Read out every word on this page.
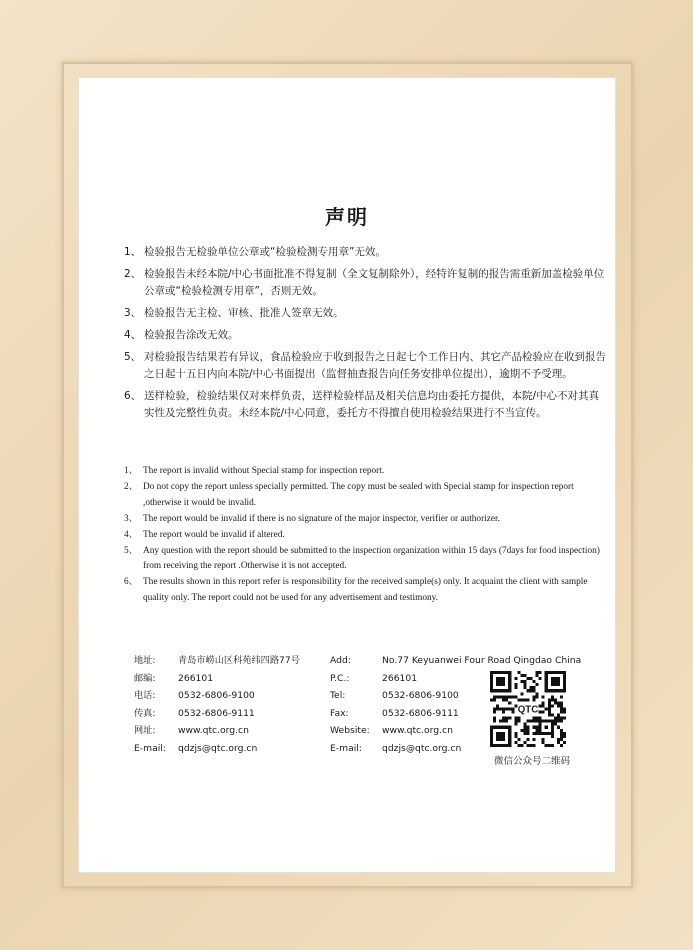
声明
1、 检验报告无检验单位公章或“检验检测专用章”无效。
2、 检验报告未经本院/中心书面批准不得复制（全文复制除外），经特许复制的报告需重新加盖检验单位公章或“检验检测专用章”，否则无效。
3、 检验报告无主检、审核、批准人签章无效。
4、 检验报告涂改无效。
5、 对检验报告结果若有异议，食品检验应于收到报告之日起七个工作日内、其它产品检验应在收到报告之日起十五日内向本院/中心书面提出（监督抽查报告向任务安排单位提出），逾期不予受理。
6、 送样检验，检验结果仅对来样负责，送样检验样品及相关信息均由委托方提供，本院/中心不对其真实性及完整性负责。未经本院/中心同意，委托方不得擅自使用检验结果进行不当宣传。
1、 The report is invalid without Special stamp for inspection report.
2、 Do not copy the report unless specially permitted. The copy must be sealed with Special stamp for inspection report ,otherwise it would be invalid.
3、 The report would be invalid if there is no signature of the major inspector, verifier or authorizer.
4、 The report would be invalid if altered.
5、 Any question with the report should be submitted to the inspection organization within 15 days (7days for food inspection) from receiving the report .Otherwise it is not accepted.
6、 The results shown in this report refer is responsibility for the received sample(s) only. It acquaint the client with sample quality only. The report could not be used for any advertisement and testimony.
地址:	青岛市崂山区科苑纬四路77号	Add:	No.77 Keyuanwei Four Road Qingdao China
邮编:	266101	P.C.:	266101
电话:	0532-6806-9100	Tel:	0532-6806-9100
传真:	0532-6806-9111	Fax:	0532-6806-9111
网址:	www.qtc.org.cn	Website:	www.qtc.org.cn
E-mail:	qdzjs@qtc.org.cn	E-mail:	qdzjs@qtc.org.cn
QTC
微信公众号二维码
